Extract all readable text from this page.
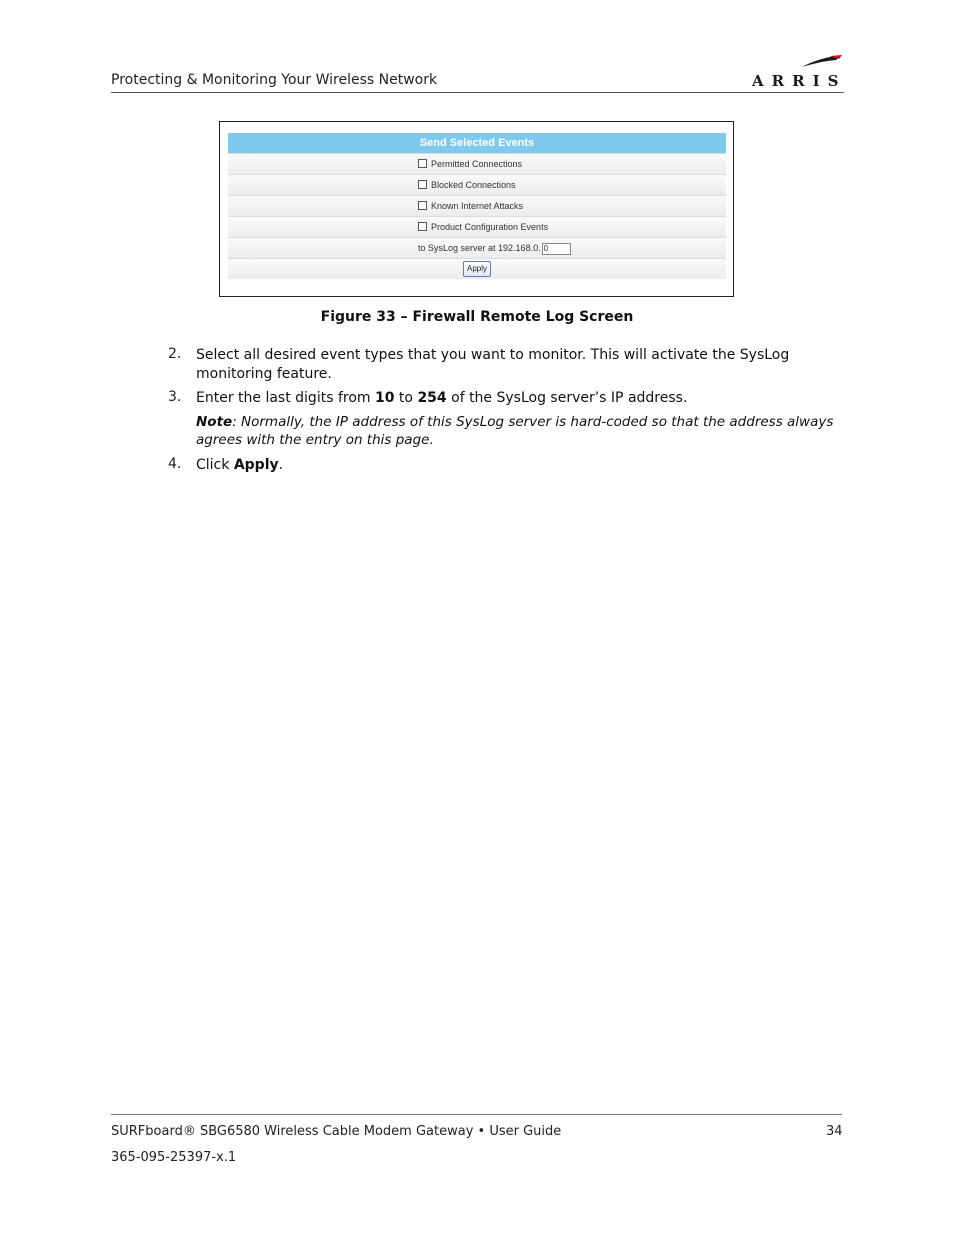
Protecting & Monitoring Your Wireless Network	ARRIS
Send Selected Events
Permitted Connections
Blocked Connections
Known Internet Attacks
Product Configuration Events
to SysLog server at 192.168.0. 0
Apply
Figure 33 – Firewall Remote Log Screen
2. Select all desired event types that you want to monitor. This will activate the SysLog monitoring feature.
3. Enter the last digits from 10 to 254 of the SysLog server’s IP address.
Note: Normally, the IP address of this SysLog server is hard-coded so that the address always agrees with the entry on this page.
4. Click Apply.
SURFboard® SBG6580 Wireless Cable Modem Gateway • User Guide	34
365-095-25397-x.1
